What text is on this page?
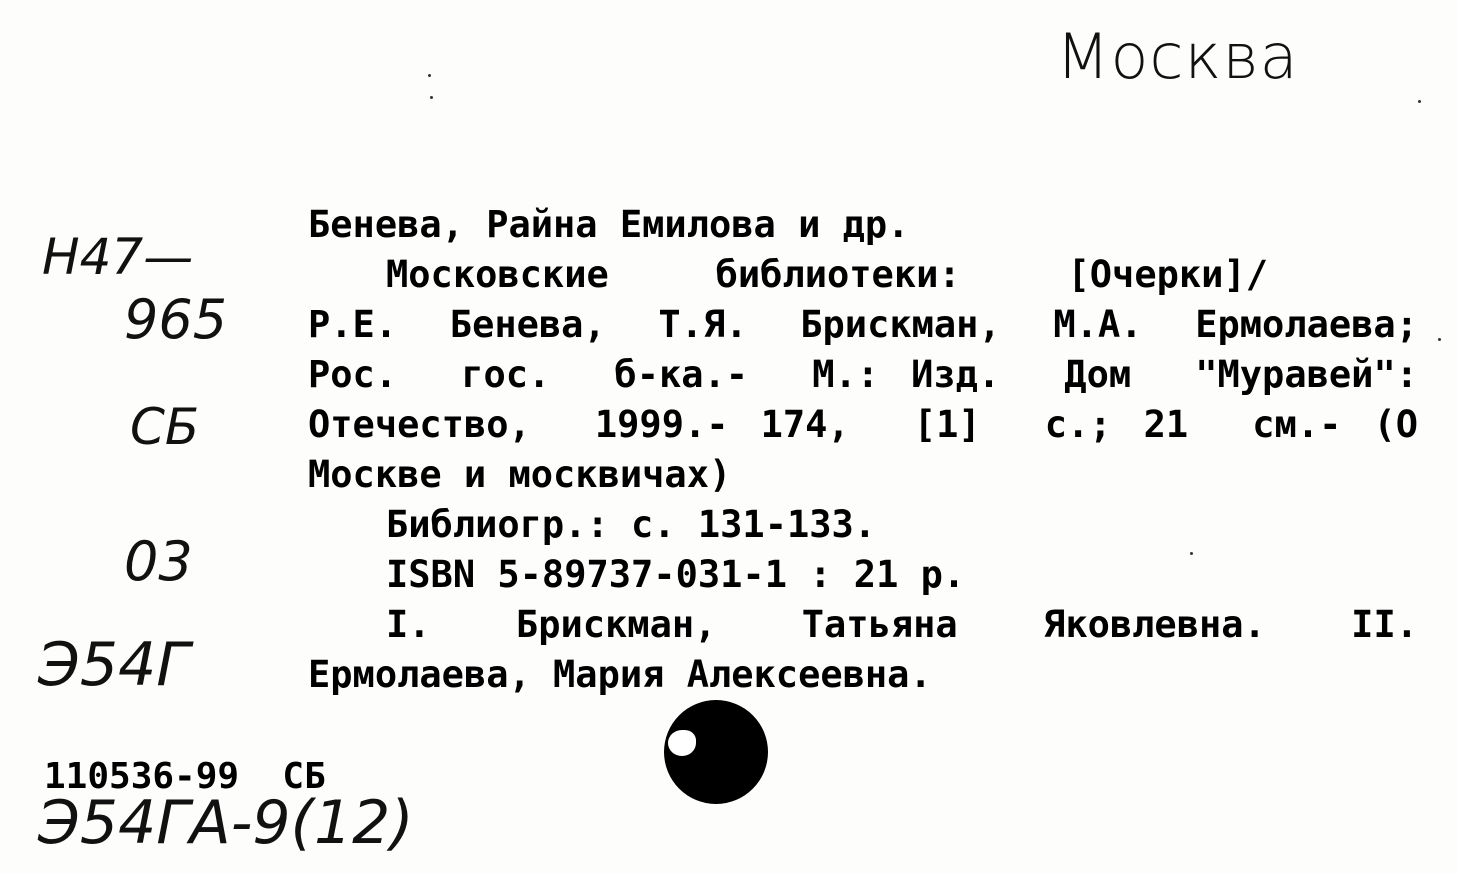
Москва
Н47—
965
СБ
03
Э54Г
Бенева, Райна Емилова и др.
Московские  библиотеки:  [Очерки]/
Р.Е. Бенева, Т.Я. Брискман, М.А. Ермолаева;
Рос.  гос.  б-ка.-  М.: Изд.  Дом  "Муравей":
Отечество,  1999.- 174,  [1]  с.; 21  см.- (О
Москве и москвичах)
Библиогр.: с. 131-133.
ISBN 5-89737-031-1 : 21 р.
I.  Брискман,  Татьяна  Яковлевна.  II.
Ермолаева, Мария Алексеевна.
110536-99  СБ
Э54ГА-9(12)
